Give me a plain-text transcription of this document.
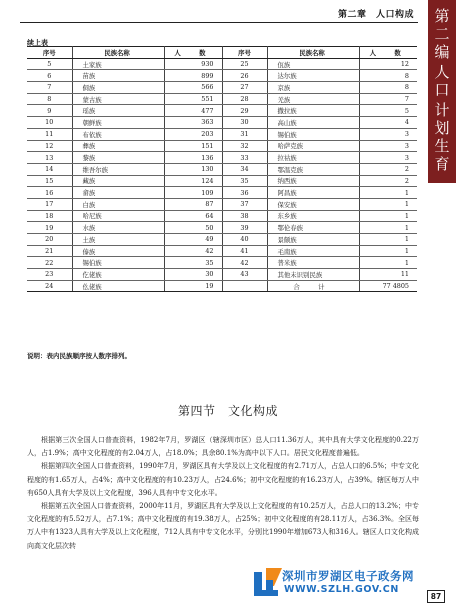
第二章　人口构成	第
二
编
人
口
计
划
生
育
续上表
序号	民族名称	人　数	序号	民族名称	人　数
5	土家族	930	25	佤族	12
6	苗族	899	26	达尔族	8
7	侗族	566	27	京族	8
8	蒙古族	551	28	羌族	7
9	瑶族	477	29	撒拉族	5
10	朝鲜族	363	30	高山族	4
11	布依族	203	31	锡伯族	3
12	彝族	151	32	哈萨克族	3
13	黎族	136	33	拉祜族	3
14	维吾尔族	130	34	鄂温克族	2
15	藏族	124	35	纳西族	2
16	畲族	109	36	阿昌族	1
17	白族	87	37	保安族	1
18	哈尼族	64	38	东乡族	1
19	水族	50	39	鄂伦春族	1
20	土族	49	40	景颇族	1
21	傣族	42	41	毛南族	1
22	锡伯族	35	42	普米族	1
23	仡佬族	30	43	其他未识别民族	11
24	仫佬族	19		合　计	77 4805
说明：表内民族顺序按人数序排列。
第四节　文化构成

根据第三次全国人口普查资料，1982年7月，罗湖区（辖深圳市区）总人口11.36万人，其中具有大学文化程度的0.22万人，占1.9%；高中文化程度的有2.04万人，占18.0%；具余80.1%为高中以下人口。居民文化程度普遍低。

根据第四次全国人口普查资料，1990年7月，罗湖区具有大学及以上文化程度的有2.71万人，占总人口的6.5%；中专文化程度的有1.65万人，占4%；高中文化程度的有10.23万人，占24.6%；初中文化程度的有16.23万人，占39%。辖区每万人中有650人具有大学及以上文化程度，396人具有中专文化水平。

根据第五次全国人口普查资料，2000年11月，罗湖区具有大学及以上文化程度的有10.25万人，占总人口的13.2%；中专文化程度的有5.52万人，占7.1%；高中文化程度的有19.38万人，占25%；初中文化程度的有28.11万人，占36.3%。全区每万人中有1323人具有大学及以上文化程度，712人具有中专文化水平，分别比1990年增加673人和316人。辖区人口文化构成向高文化层次转

深圳市罗湖区电子政务网
WWW.SZLH.GOV.CN
87
